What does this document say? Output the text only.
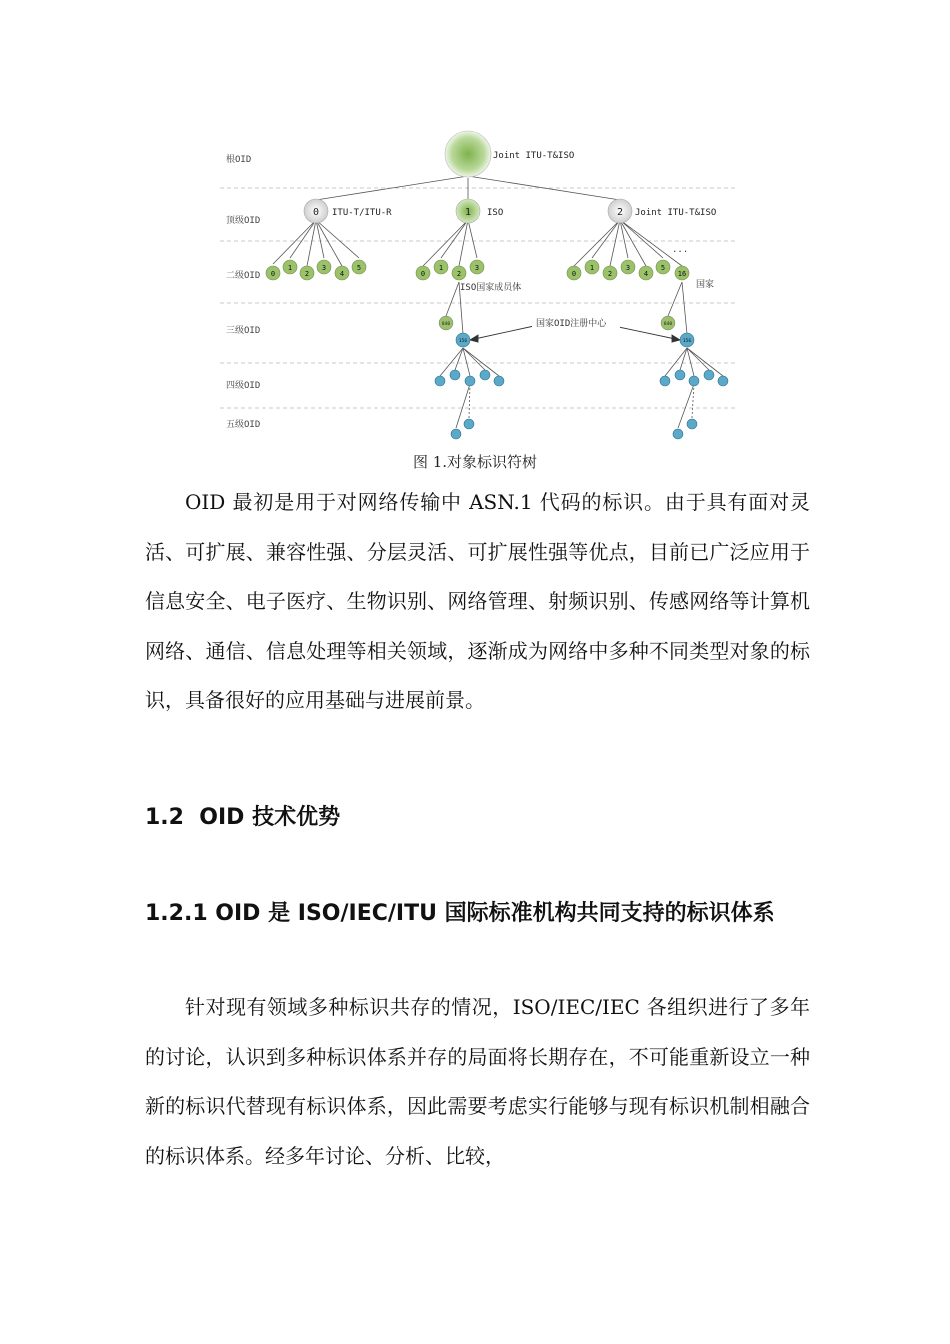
根OID
顶级OID
二级OID
三级OID
四级OID
五级OID
Joint ITU-T&ISO
0 ITU-T/ITU-R	1 ISO	2 Joint ITU-T&ISO
0
1
2
3
4
5
0
1
2
3
0
1
2
3
4
5
16
...
ISO国家成员体	国家
840
156
840
156
国家OID注册中心
图 1.对象标识符树

OID 最初是用于对网络传输中 ASN.1 代码的标识。由于具有面对灵活、可扩展、兼容性强、分层灵活、可扩展性强等优点，目前已广泛应用于信息安全、电子医疗、生物识别、网络管理、射频识别、传感网络等计算机网络、通信、信息处理等相关领域，逐渐成为网络中多种不同类型对象的标识，具备很好的应用基础与进展前景。

1.2  OID 技术优势
1.2.1 OID 是 ISO/IEC/ITU 国际标准机构共同支持的标识体系

针对现有领域多种标识共存的情况，ISO/IEC/IEC 各组织进行了多年的讨论，认识到多种标识体系并存的局面将长期存在，不可能重新设立一种新的标识代替现有标识体系，因此需要考虑实行能够与现有标识机制相融合的标识体系。经多年讨论、分析、比较，
